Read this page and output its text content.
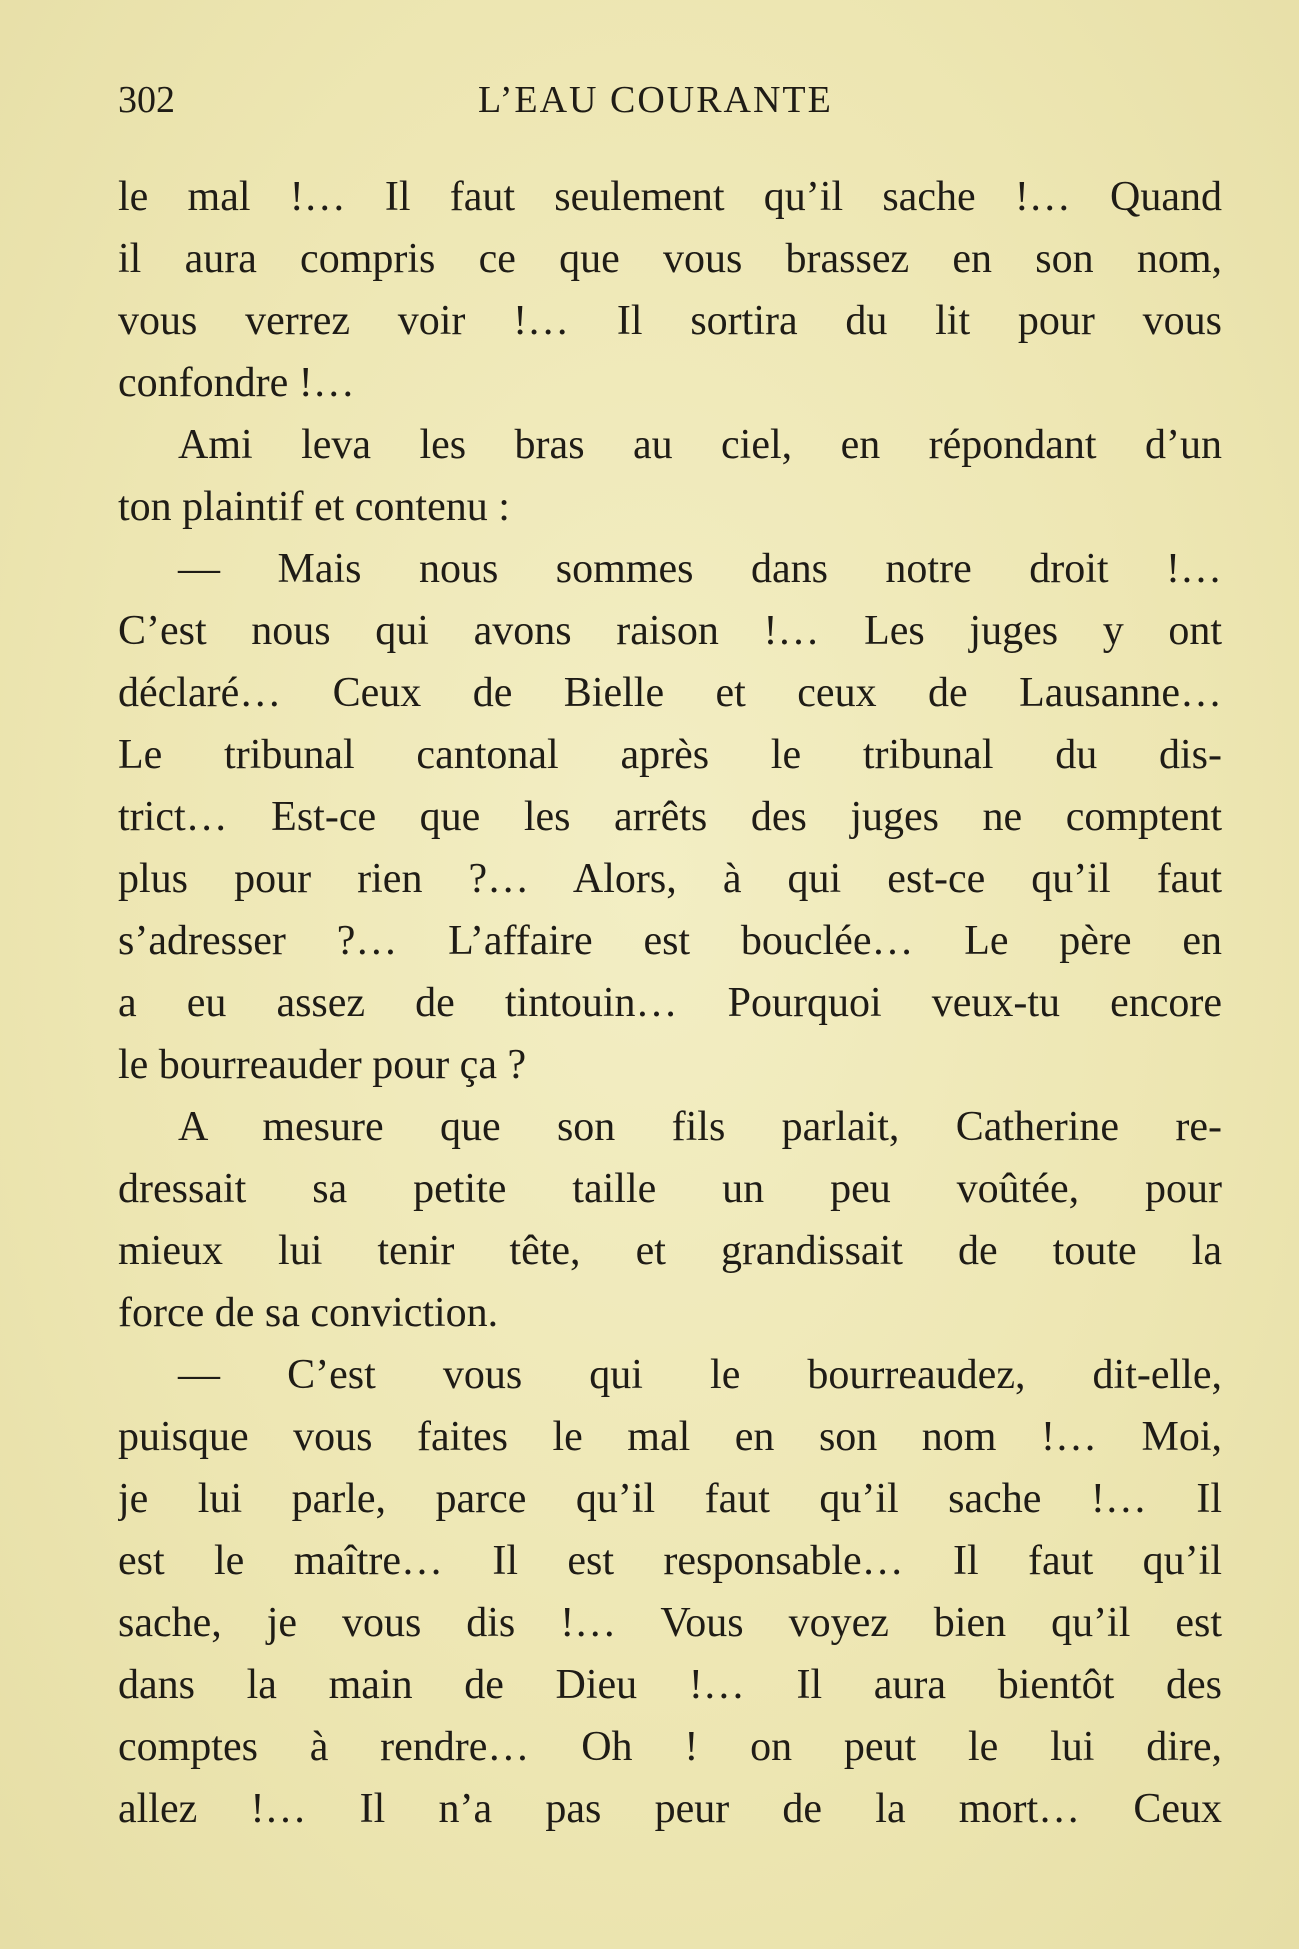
302	L’EAU COURANTE
le mal !… Il faut seulement qu’il sache !… Quand
il aura compris ce que vous brassez en son nom,
vous verrez voir !… Il sortira du lit pour vous
confondre !…
Ami leva les bras au ciel, en répondant d’un
ton plaintif et contenu :
— Mais nous sommes dans notre droit !…
C’est nous qui avons raison !… Les juges y ont
déclaré… Ceux de Bielle et ceux de Lausanne…
Le tribunal cantonal après le tribunal du dis-
trict… Est-ce que les arrêts des juges ne comptent
plus pour rien ?… Alors, à qui est-ce qu’il faut
s’adresser ?… L’affaire est bouclée… Le père en
a eu assez de tintouin… Pourquoi veux-tu encore
le bourreauder pour ça ?
A mesure que son fils parlait, Catherine re-
dressait sa petite taille un peu voûtée, pour
mieux lui tenir tête, et grandissait de toute la
force de sa conviction.
— C’est vous qui le bourreaudez, dit-elle,
puisque vous faites le mal en son nom !… Moi,
je lui parle, parce qu’il faut qu’il sache !… Il
est le maître… Il est responsable… Il faut qu’il
sache, je vous dis !… Vous voyez bien qu’il est
dans la main de Dieu !… Il aura bientôt des
comptes à rendre… Oh ! on peut le lui dire,
allez !… Il n’a pas peur de la mort… Ceux
